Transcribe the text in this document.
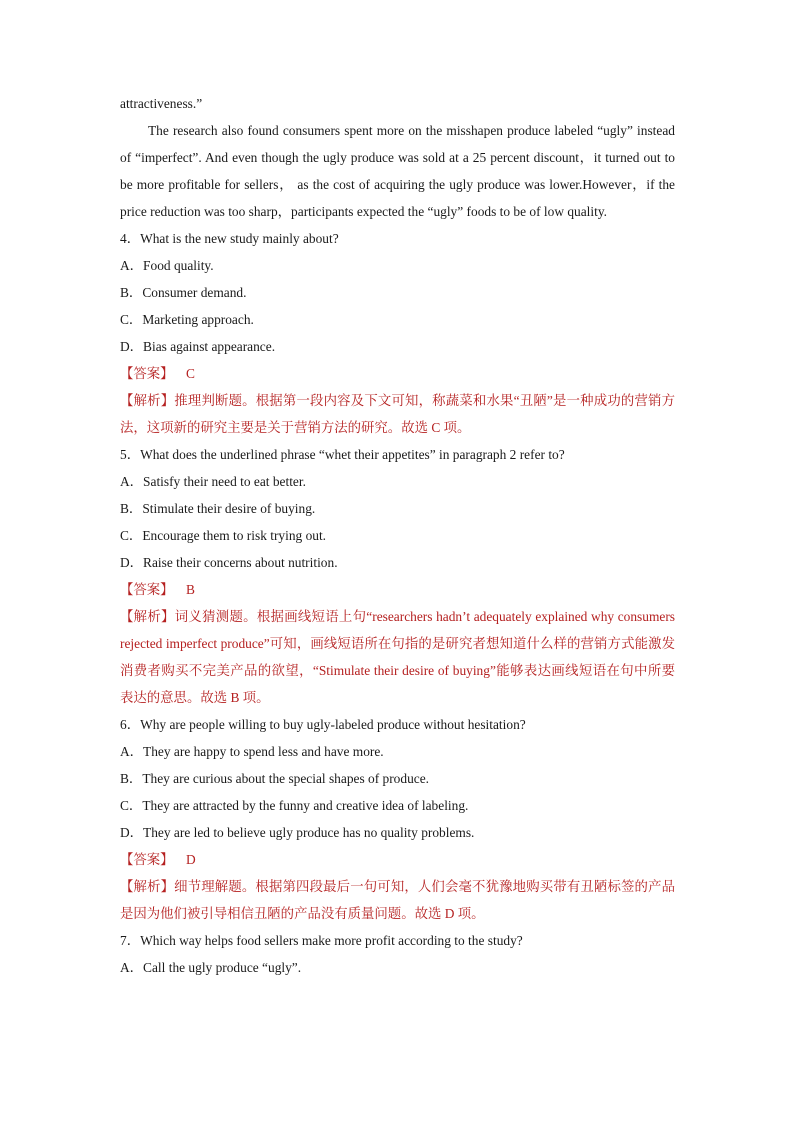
attractiveness.”
The research also found consumers spent more on the misshapen produce labeled “ugly” instead of “imperfect”. And even though the ugly produce was sold at a 25 percent discount，it turned out to be more profitable for sellers， as the cost of acquiring the ugly produce was lower.However，if the price reduction was too sharp，participants expected the “ugly” foods to be of low quality.
4．What is the new study mainly about?
A．Food quality.
B．Consumer demand.
C．Marketing approach.
D．Bias against appearance.
【答案】 C
【解析】推理判断题。根据第一段内容及下文可知，称蔬菜和水果“丑陋”是一种成功的营销方法，这项新的研究主要是关于营销方法的研究。故选 C 项。
5．What does the underlined phrase “whet their appetites” in paragraph 2 refer to?
A．Satisfy their need to eat better.
B．Stimulate their desire of buying.
C．Encourage them to risk trying out.
D．Raise their concerns about nutrition.
【答案】 B
【解析】词义猜测题。根据画线短语上句“researchers hadn’t adequately explained why consumers rejected imperfect produce”可知，画线短语所在句指的是研究者想知道什么样的营销方式能激发消费者购买不完美产品的欲望，“Stimulate their desire of buying”能够表达画线短语在句中所要表达的意思。故选 B 项。
6．Why are people willing to buy ugly-labeled produce without hesitation?
A．They are happy to spend less and have more.
B．They are curious about the special shapes of produce.
C．They are attracted by the funny and creative idea of labeling.
D．They are led to believe ugly produce has no quality problems.
【答案】 D
【解析】细节理解题。根据第四段最后一句可知，人们会毫不犹豫地购买带有丑陋标签的产品是因为他们被引导相信丑陋的产品没有质量问题。故选 D 项。
7．Which way helps food sellers make more profit according to the study?
A．Call the ugly produce “ugly”.
